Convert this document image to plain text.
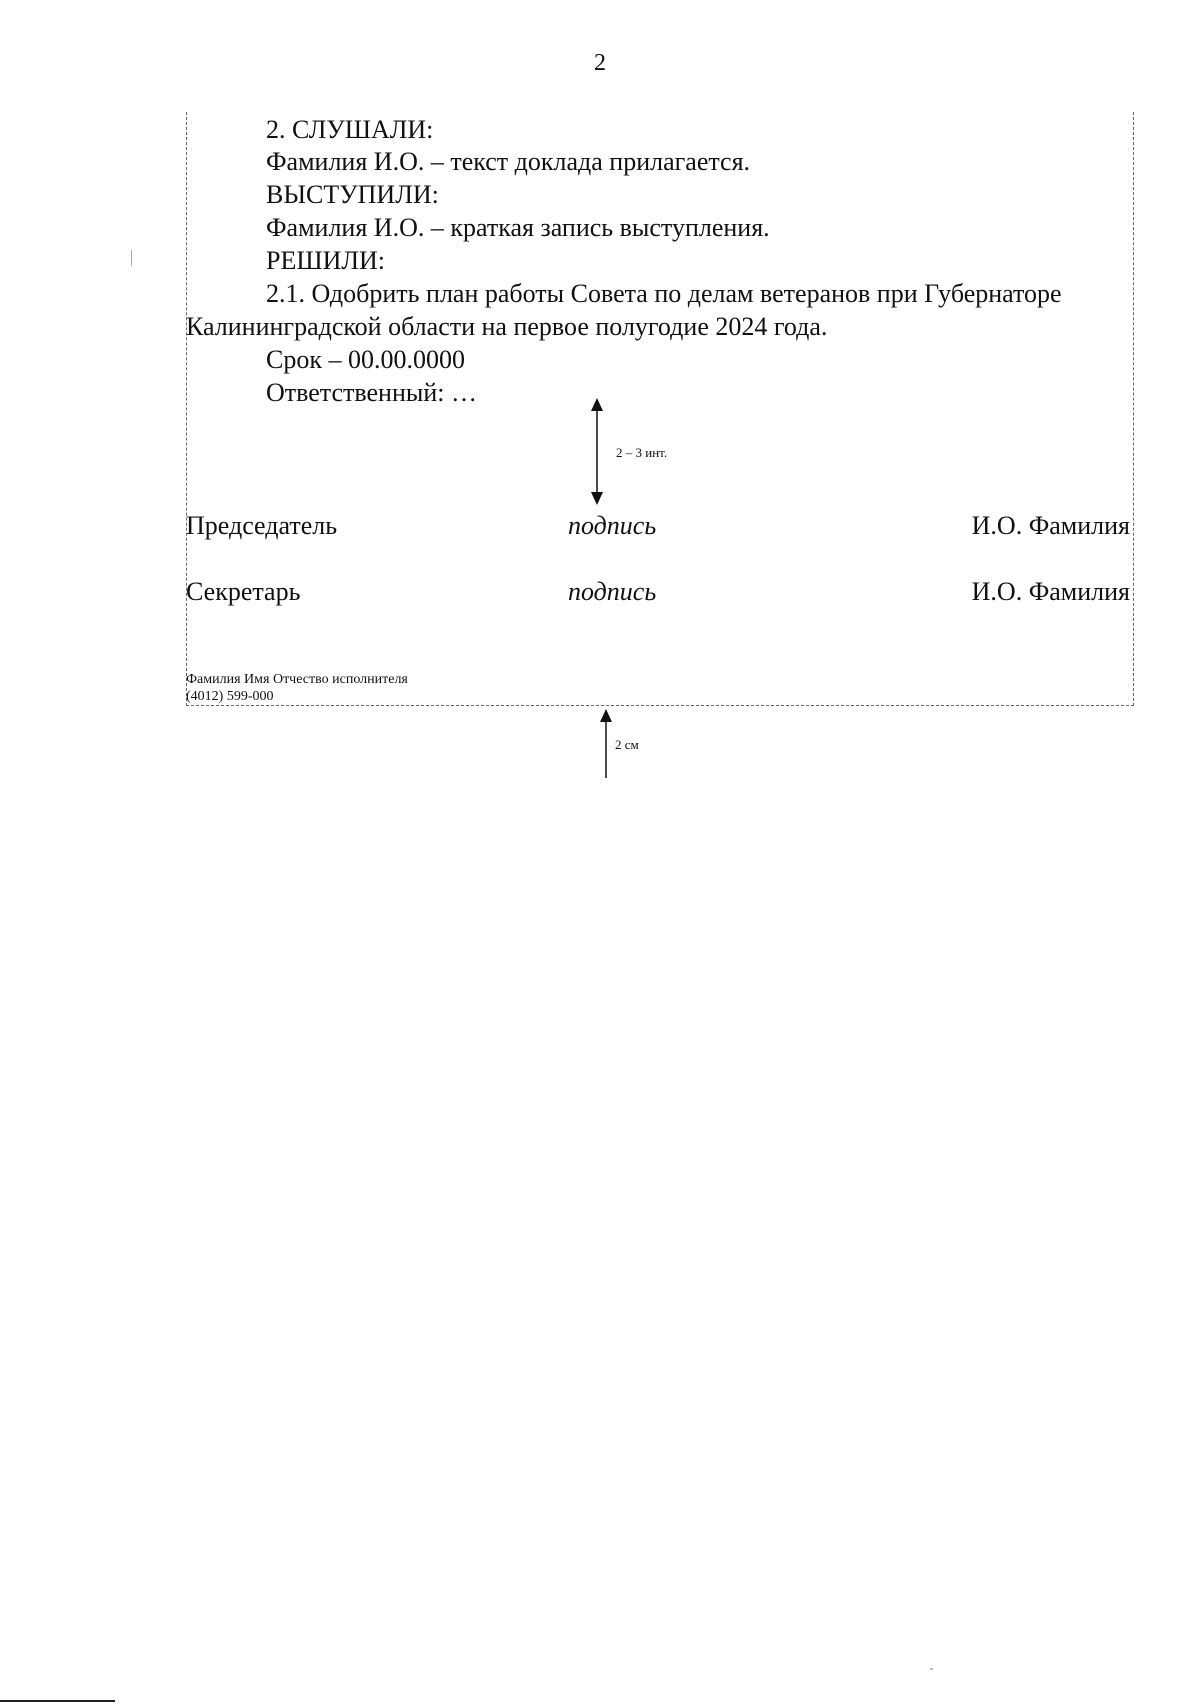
2
2. СЛУШАЛИ:
Фамилия И.О. – текст доклада прилагается.
ВЫСТУПИЛИ:
Фамилия И.О. – краткая запись выступления.
РЕШИЛИ:
2.1. Одобрить план работы Совета по делам ветеранов при Губернаторе
Калининградской области на первое полугодие 2024 года.
Срок – 00.00.0000
Ответственный: …
2 – 3 инт.
Председатель	подпись	И.О. Фамилия
Секретарь	подпись	И.О. Фамилия
Фамилия Имя Отчество исполнителя
(4012) 599-000
2 см
